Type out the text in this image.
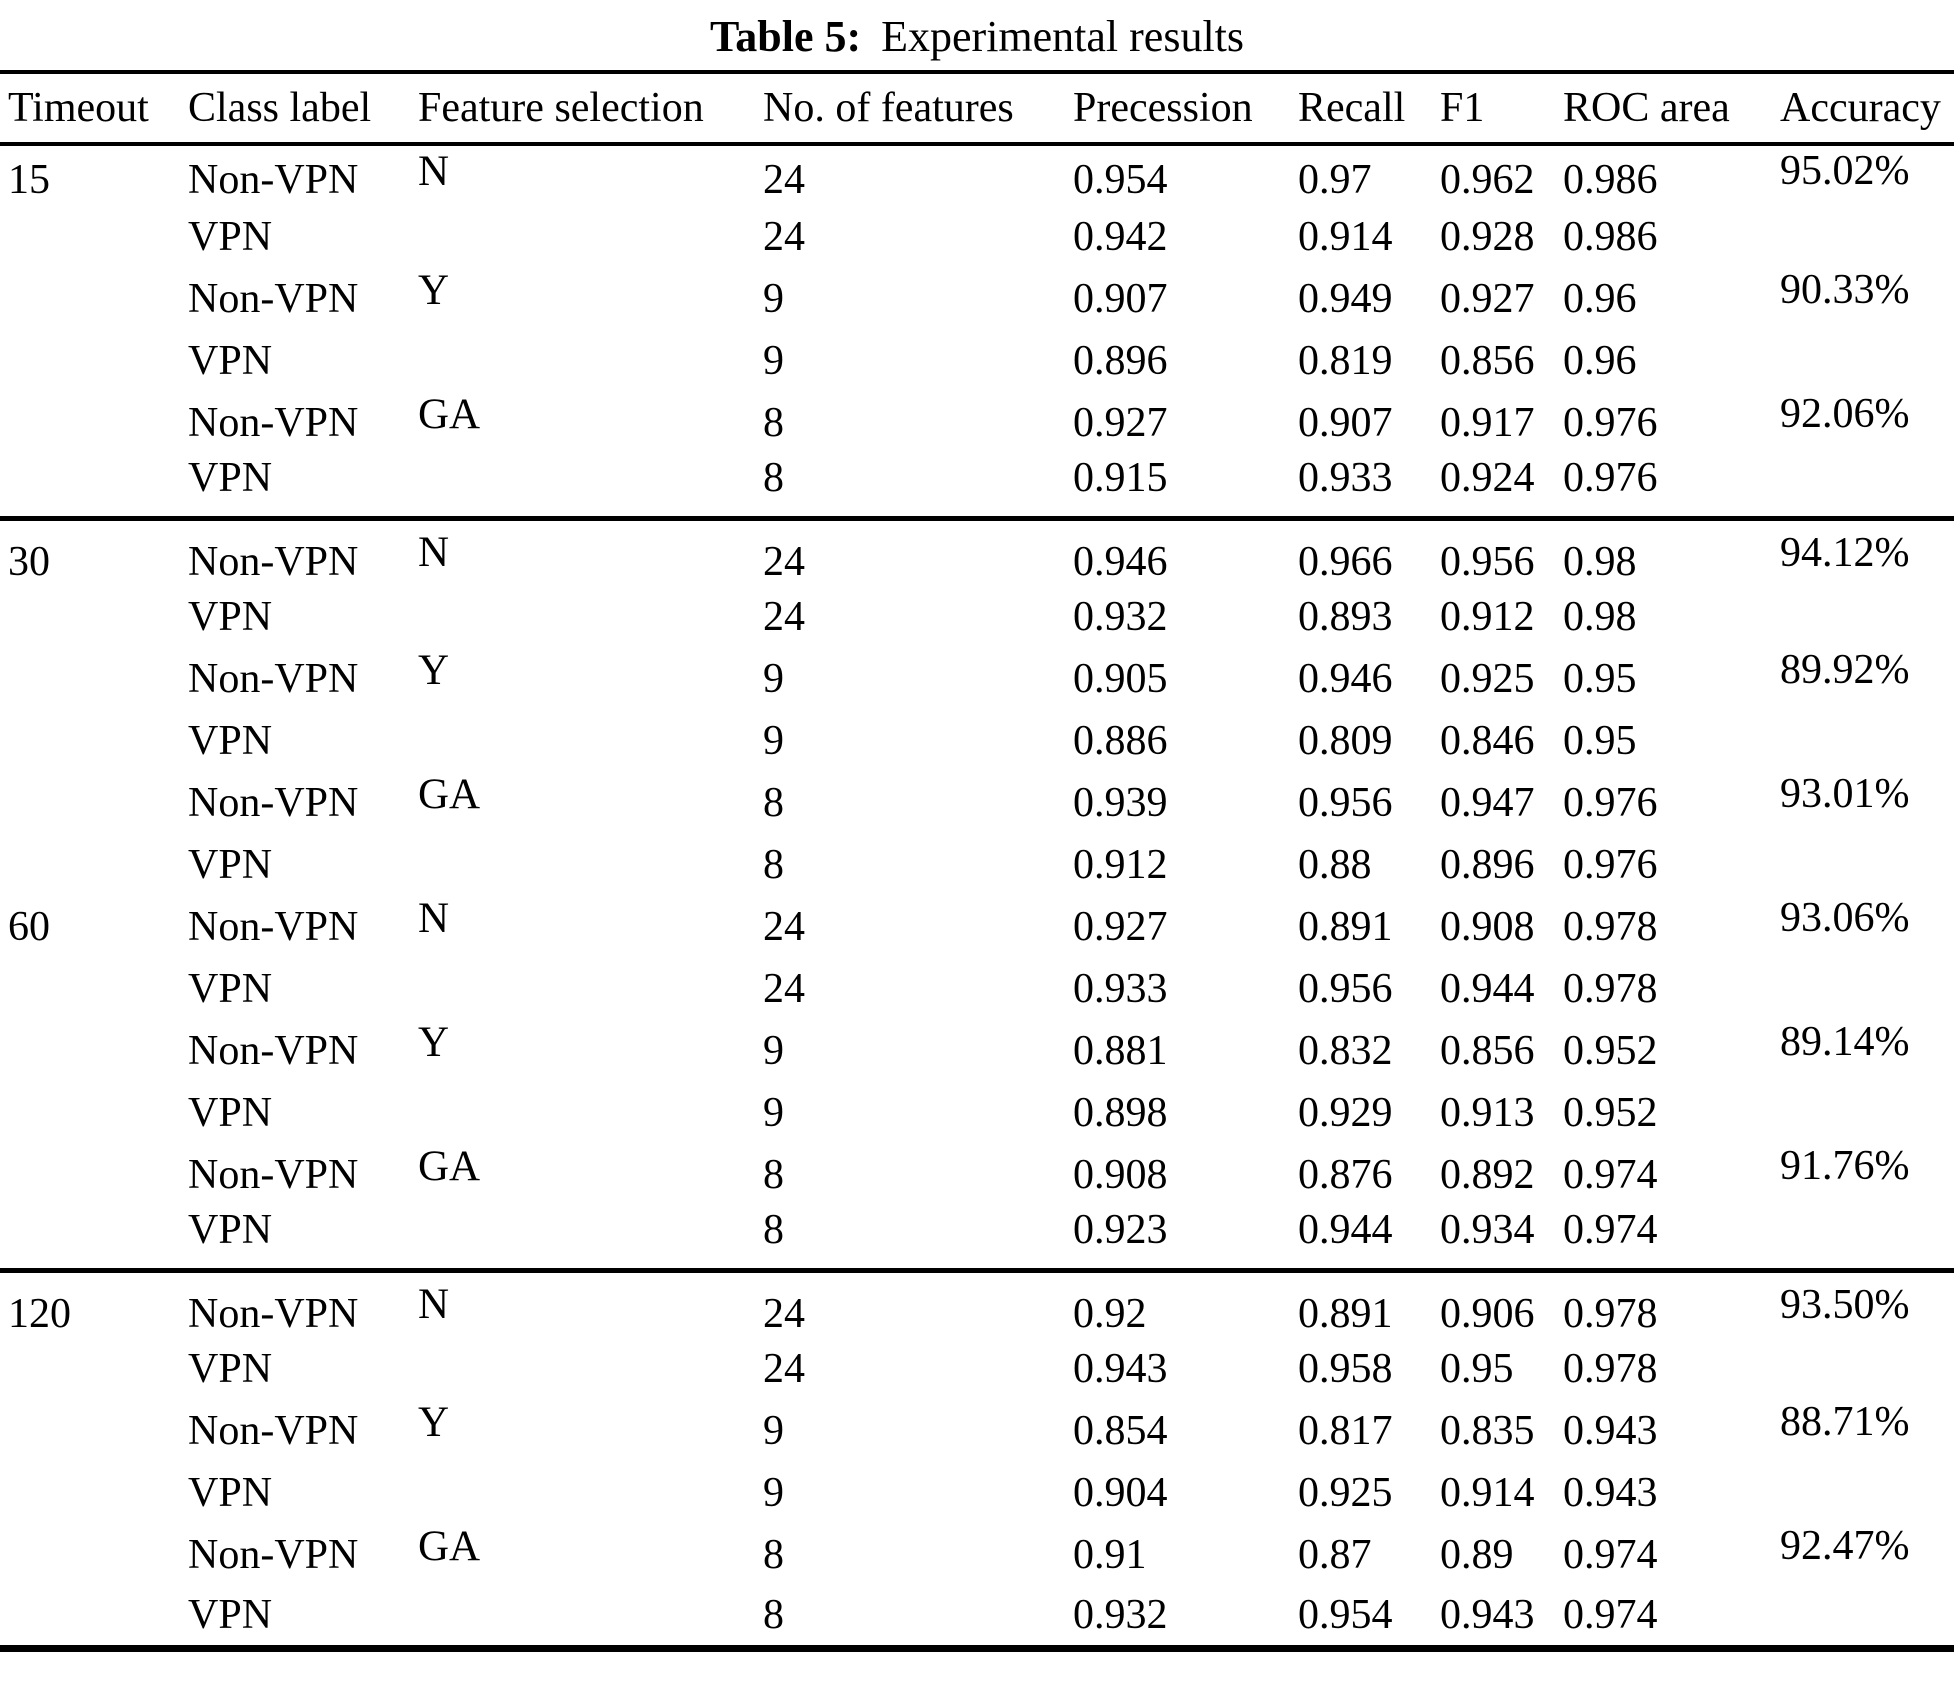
Table 5: Experimental results
Timeout	Class label	Feature selection	No. of features	Precession	Recall	F1	ROC area	Accuracy
15	Non-VPN	N	24	0.954	0.97	0.962	0.986	95.02%
	VPN		24	0.942	0.914	0.928	0.986	
	Non-VPN	Y	9	0.907	0.949	0.927	0.96	90.33%
	VPN		9	0.896	0.819	0.856	0.96	
	Non-VPN	GA	8	0.927	0.907	0.917	0.976	92.06%
	VPN		8	0.915	0.933	0.924	0.976	
30	Non-VPN	N	24	0.946	0.966	0.956	0.98	94.12%
	VPN		24	0.932	0.893	0.912	0.98	
	Non-VPN	Y	9	0.905	0.946	0.925	0.95	89.92%
	VPN		9	0.886	0.809	0.846	0.95	
	Non-VPN	GA	8	0.939	0.956	0.947	0.976	93.01%
	VPN		8	0.912	0.88	0.896	0.976	
60	Non-VPN	N	24	0.927	0.891	0.908	0.978	93.06%
	VPN		24	0.933	0.956	0.944	0.978	
	Non-VPN	Y	9	0.881	0.832	0.856	0.952	89.14%
	VPN		9	0.898	0.929	0.913	0.952	
	Non-VPN	GA	8	0.908	0.876	0.892	0.974	91.76%
	VPN		8	0.923	0.944	0.934	0.974	
120	Non-VPN	N	24	0.92	0.891	0.906	0.978	93.50%
	VPN		24	0.943	0.958	0.95	0.978	
	Non-VPN	Y	9	0.854	0.817	0.835	0.943	88.71%
	VPN		9	0.904	0.925	0.914	0.943	
	Non-VPN	GA	8	0.91	0.87	0.89	0.974	92.47%
	VPN		8	0.932	0.954	0.943	0.974	
